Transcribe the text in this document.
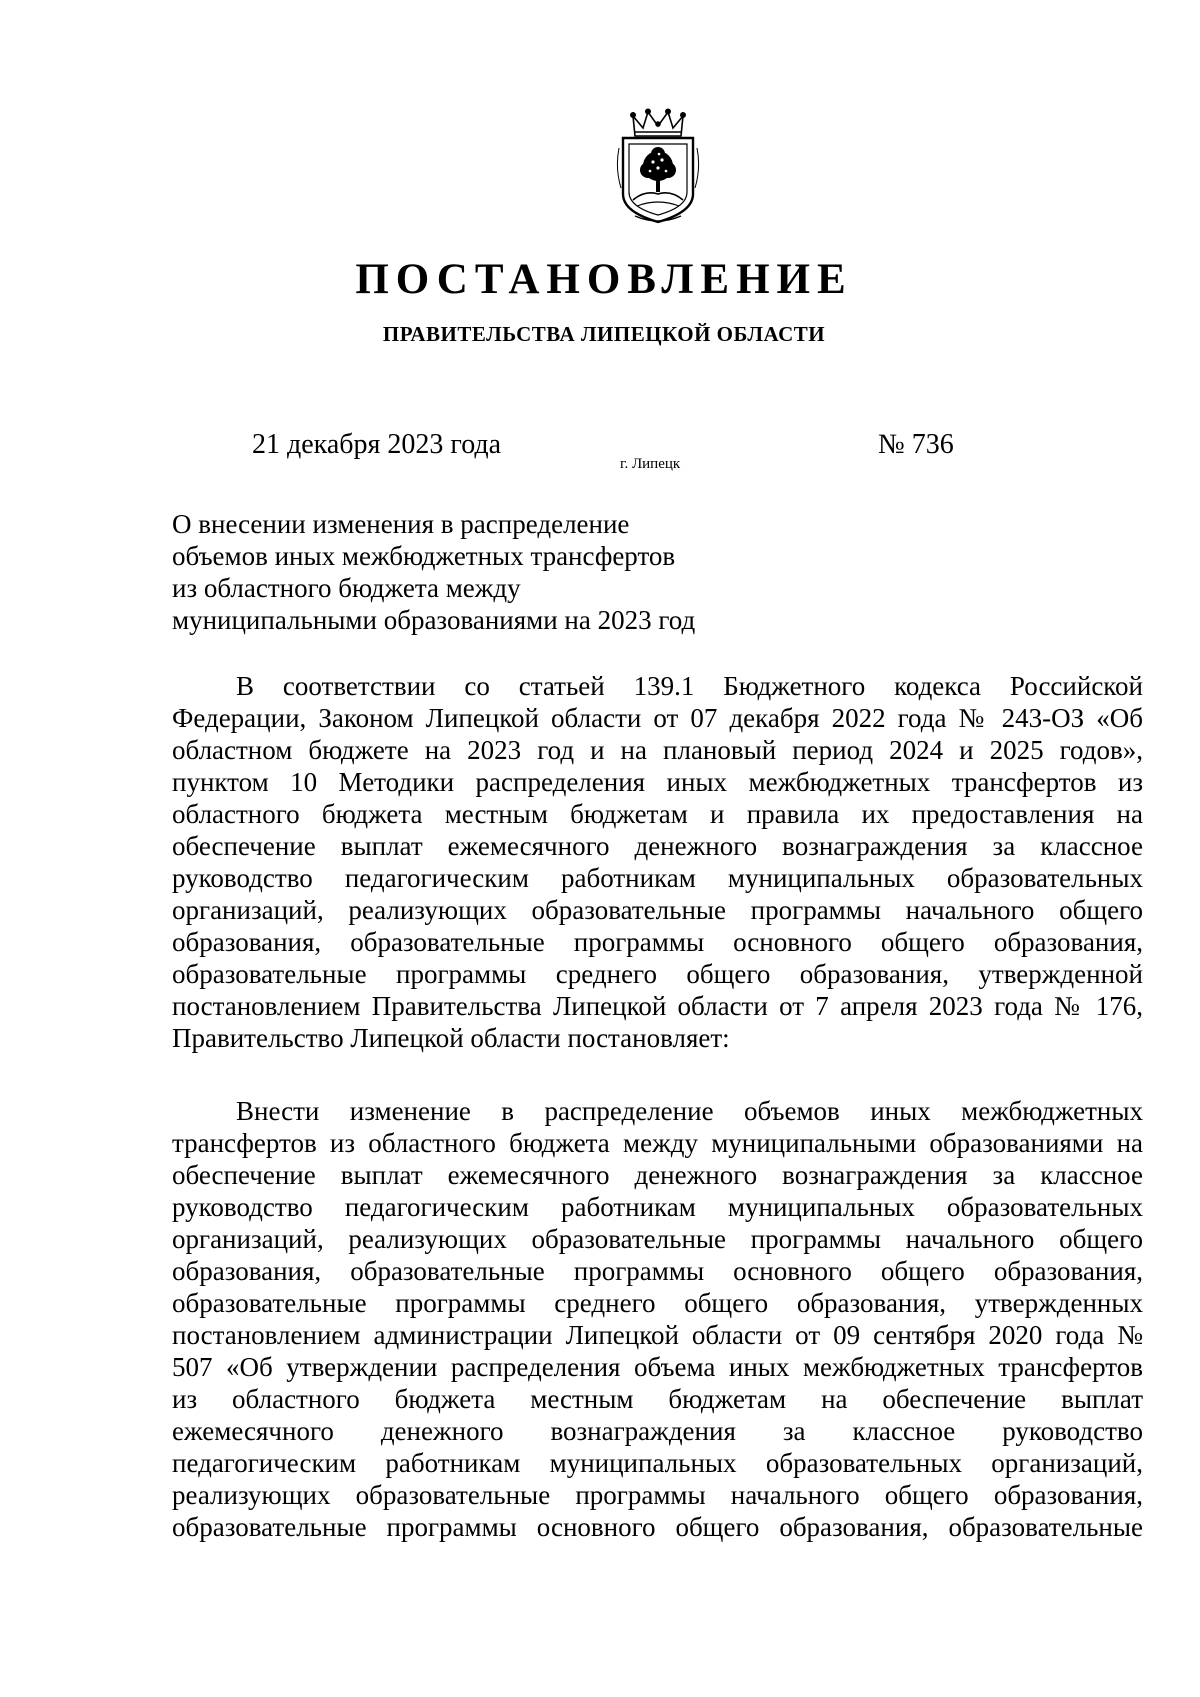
ПОСТАНОВЛЕНИЕ
ПРАВИТЕЛЬСТВА ЛИПЕЦКОЙ ОБЛАСТИ
21 декабря 2023 года
г. Липецк
№ 736
О внесении изменения в распределение
объемов иных межбюджетных трансфертов
из областного бюджета между
муниципальными образованиями на 2023 год
В соответствии со статьей 139.1 Бюджетного кодекса Российской
Федерации, Законом Липецкой области от 07 декабря 2022 года № 243-ОЗ «Об
областном бюджете на 2023 год и на плановый период 2024 и 2025 годов»,
пунктом 10 Методики распределения иных межбюджетных трансфертов из
областного бюджета местным бюджетам и правила их предоставления на
обеспечение выплат ежемесячного денежного вознаграждения за классное
руководство педагогическим работникам муниципальных образовательных
организаций, реализующих образовательные программы начального общего
образования, образовательные программы основного общего образования,
образовательные программы среднего общего образования, утвержденной
постановлением Правительства Липецкой области от 7 апреля 2023 года № 176,
Правительство Липецкой области постановляет:
Внести изменение в распределение объемов иных межбюджетных
трансфертов из областного бюджета между муниципальными образованиями на
обеспечение выплат ежемесячного денежного вознаграждения за классное
руководство педагогическим работникам муниципальных образовательных
организаций, реализующих образовательные программы начального общего
образования, образовательные программы основного общего образования,
образовательные программы среднего общего образования, утвержденных
постановлением администрации Липецкой области от 09 сентября 2020 года №
507 «Об утверждении распределения объема иных межбюджетных трансфертов
из областного бюджета местным бюджетам на обеспечение выплат
ежемесячного денежного вознаграждения за классное руководство
педагогическим работникам муниципальных образовательных организаций,
реализующих образовательные программы начального общего образования,
образовательные программы основного общего образования, образовательные
